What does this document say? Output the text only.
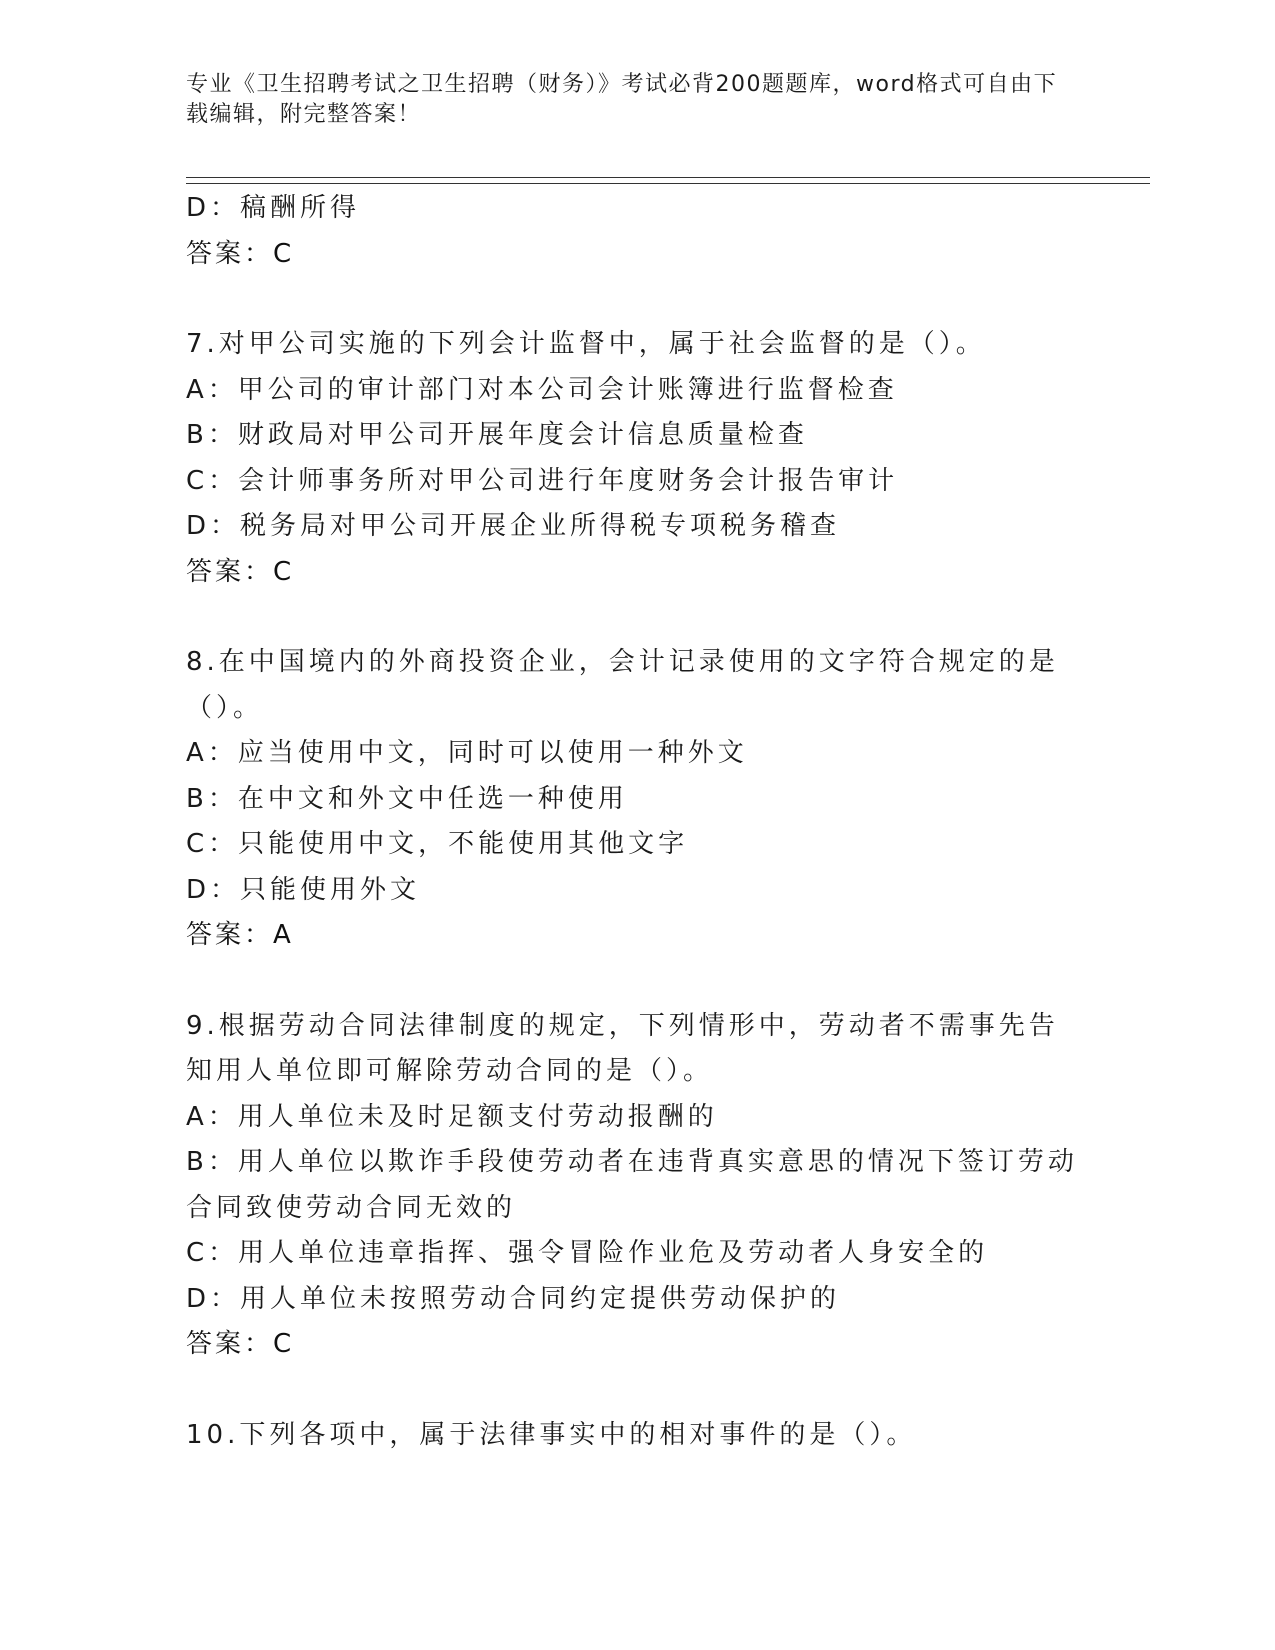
专业《卫生招聘考试之卫生招聘（财务）》考试必背200题题库，word格式可自由下载编辑，附完整答案！
D：稿酬所得
答案：C
7.对甲公司实施的下列会计监督中，属于社会监督的是（）。
A：甲公司的审计部门对本公司会计账簿进行监督检查
B：财政局对甲公司开展年度会计信息质量检查
C：会计师事务所对甲公司进行年度财务会计报告审计
D：税务局对甲公司开展企业所得税专项税务稽查
答案：C
8.在中国境内的外商投资企业，会计记录使用的文字符合规定的是（）。
A：应当使用中文，同时可以使用一种外文
B：在中文和外文中任选一种使用
C：只能使用中文，不能使用其他文字
D：只能使用外文
答案：A
9.根据劳动合同法律制度的规定，下列情形中，劳动者不需事先告知用人单位即可解除劳动合同的是（）。
A：用人单位未及时足额支付劳动报酬的
B：用人单位以欺诈手段使劳动者在违背真实意思的情况下签订劳动合同致使劳动合同无效的
C：用人单位违章指挥、强令冒险作业危及劳动者人身安全的
D：用人单位未按照劳动合同约定提供劳动保护的
答案：C
10.下列各项中，属于法律事实中的相对事件的是（）。
